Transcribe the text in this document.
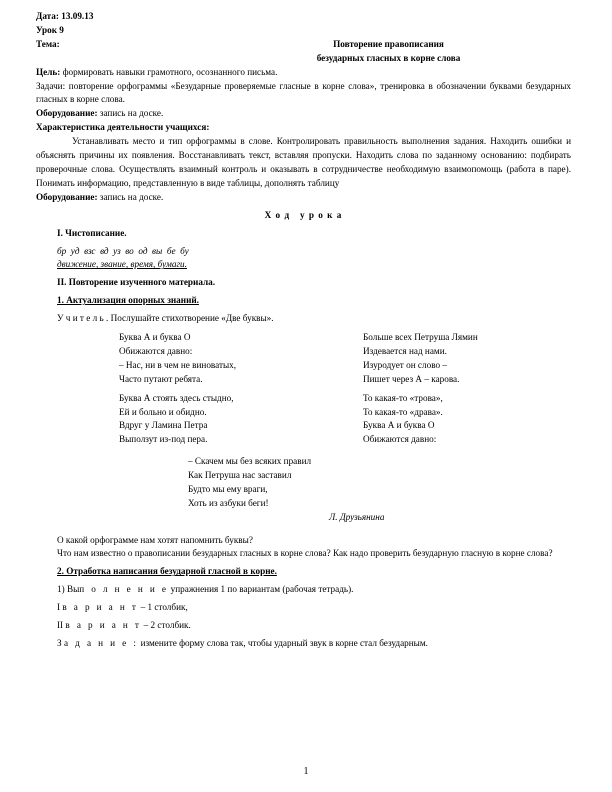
Дата: 13.09.13
Урок 9
Тема:	Повторение правописания
безударных гласных в корне слова
Цель: формировать навыки грамотного, осознанного письма.
Задачи: повторение орфограммы «Безударные проверяемые гласные в корне слова», тренировка в обозначении буквами безударных гласных в корне слова.
Оборудование: запись на доске.
Характеристика деятельности учащихся:
Устанавливать место и тип орфограммы в слове. Контролировать правильность выполнения задания. Находить ошибки и объяснять причины их появления. Восстанавливать текст, вставляя пропуски. Находить слова по заданному основанию: подбирать проверочные слова. Осуществлять взаимный контроль и оказывать в сотрудничестве необходимую взаимопомощь (работа в паре). Понимать информацию, представленную в виде таблицы, дополнять таблицу
Оборудование: запись на доске.
Х о д   у р о к а
I. Чистописание.
бр  уд  взс  вд  уз  во  од  вы  бе  бу
движение, звание, время, бумаги.
II. Повторение изученного материала.
1. Актуализация опорных знаний.
У ч и т е л ь . Послушайте стихотворение «Две буквы».
Буква А и буква О
Обижаются давно:
– Нас, ни в чем не виноватых,
Часто путают ребята.
Буква А стоять здесь стыдно,
Ей и больно и обидно.
Вдруг у Ламина Петра
Выползут из-под пера.
Больше всех Петруша Лямин
Издевается над нами.
Изуродует он слово –
Пишет через А – карова.
То какая-то «трова»,
То какая-то «драва».
Буква А и буква О
Обижаются давно:
– Скачем мы без всяких правил
Как Петруша нас заставил
Будто мы ему враги,
Хоть из азбуки беги!
Л. Друзьянина
О какой орфограмме нам хотят напомнить буквы?
Что нам известно о правописании безударных гласных в корне слова? Как надо проверить безударную гласную в корне слова?
2. Отработка написания безударной гласной в корне.
1) Вып о л н е н и е упражнения 1 по вариантам (рабочая тетрадь).
I в а р и а н т – 1 столбик,
II в а р и а н т – 2 столбик.
За д а н и е : измените форму слова так, чтобы ударный звук в корне стал безударным.
1
